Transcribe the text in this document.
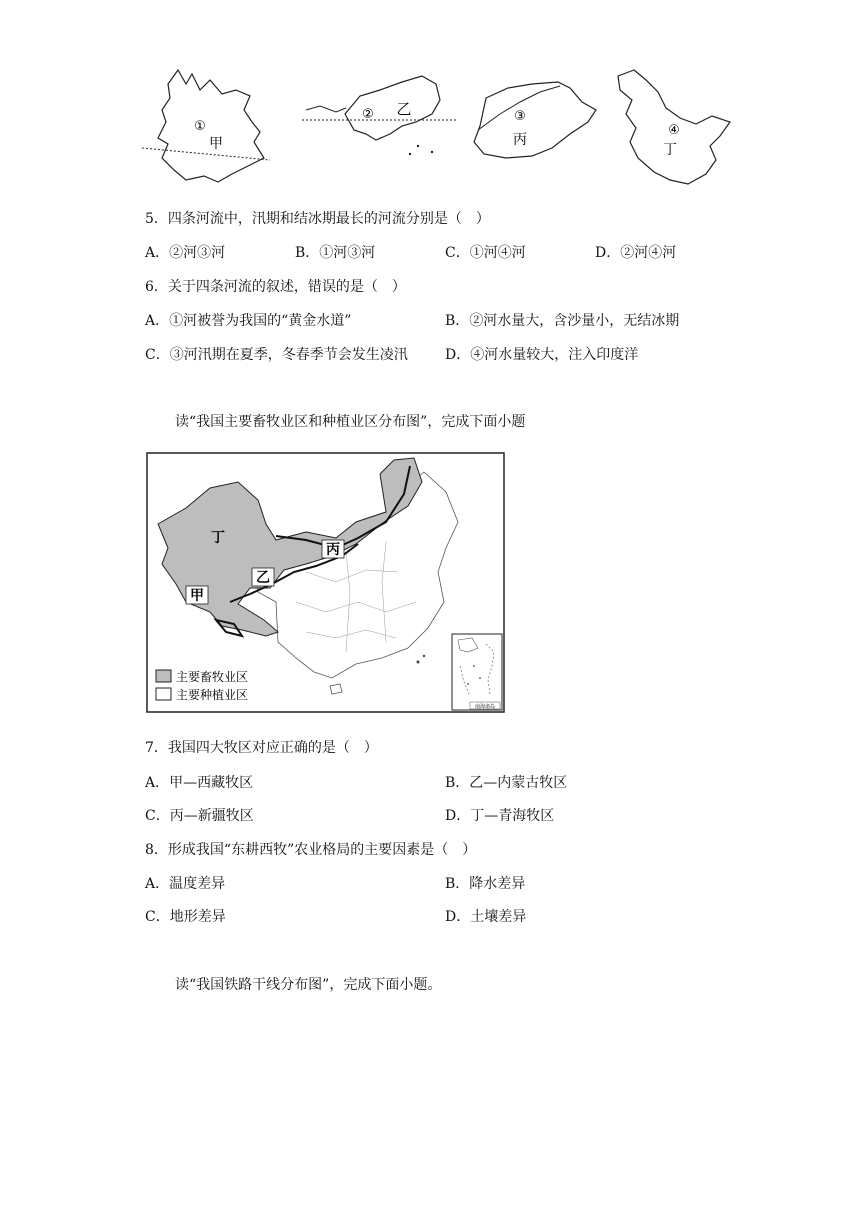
①
甲
② 乙	③
丙
④
丁
5．四条河流中，汛期和结冰期最长的河流分别是（　）
A．②河③河	B．①河③河	C．①河④河	D．②河④河
6．关于四条河流的叙述，错误的是（　）
A．①河被誉为我国的“黄金水道”	B．②河水量大，含沙量小，无结冰期
C．③河汛期在夏季，冬春季节会发生凌汛	D．④河水量较大，注入印度洋
读“我国主要畜牧业区和种植业区分布图”，完成下面小题
丁
丙
乙
甲
主要畜牧业区
主要种植业区
南海诸岛
7．我国四大牧区对应正确的是（　）
A．甲—西藏牧区	B．乙—内蒙古牧区
C．丙—新疆牧区	D．丁—青海牧区
8．形成我国“东耕西牧”农业格局的主要因素是（　）
A．温度差异	B．降水差异
C．地形差异	D．土壤差异
读“我国铁路干线分布图”，完成下面小题。
